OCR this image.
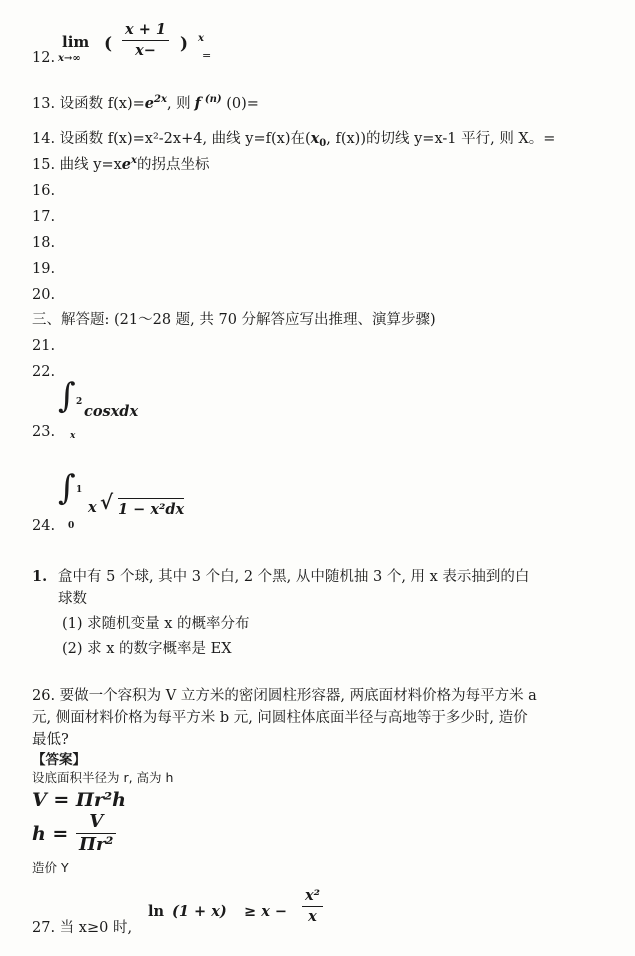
12.
lim
x→∞
( $\frac{x + 1}{x-}$ ) x
=
13. 设函数 $f(x)=e^{2x}$, 则 f $^{(n)}$ (0)=
14. 设函数 f(x)=x²-2x+4, 曲线 y=f(x)在($x_0$, f(x))的切线 y=x-1 平行, 则 X。=
15. 曲线 $y=xe^x$的拐点坐标
16.
17.
18.
19.
20.
三、解答题: (21～28 题, 共 70 分解答应写出推理、演算步骤)
21.
22.
23.
∫ 2
x
cosxdx
24.
∫ 1
0
x √ 1 − x²dx
1. 盒中有 5 个球, 其中 3 个白, 2 个黑, 从中随机抽 3 个, 用 x 表示抽到的白
球数
(1) 求随机变量 x 的概率分布
(2) 求 x 的数字概率是 EX
26. 要做一个容积为 V 立方米的密闭圆柱形容器, 两底面材料价格为每平方米 a
元, 侧面材料价格为每平方米 b 元, 问圆柱体底面半径与高地等于多少时, 造价
最低?
【答案】
设底面积半径为 r, 高为 h
V = Πr²h
$h = \frac{V}{\text{Πr²}}$
造价 Y
27. 当 x≥0 时,
$\ln (1 + x) \ge x - \frac{\text{x²}}{x}$
